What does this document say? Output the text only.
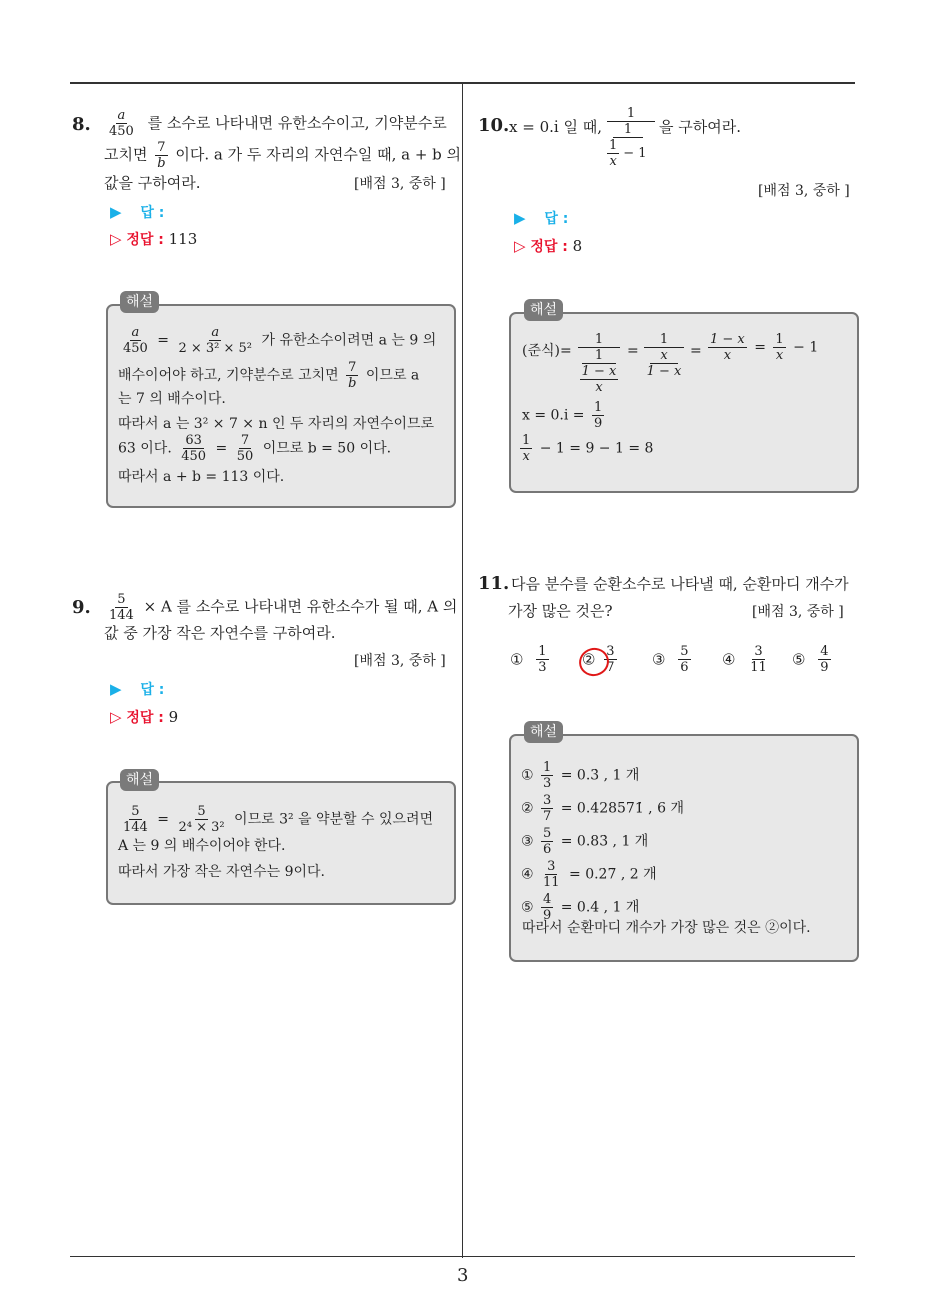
3
8. $\frac{a}{450}$ 를 소수로 나타내면 유한소수이고, 기약분수로
고치면 $\frac{7}{b}$ 이다. a 가 두 자리의 자연수일 때, a + b 의
값을 구하여라.	[배점 3, 중하 ]
▶ 답 :
▷ 정답 : 113
해설
$\frac{a}{450} = \frac{a}{\text{2 × 3² × 5²}}$ 가 유한소수이려면 a 는 9 의
배수이어야 하고, 기약분수로 고치면 $\frac{7}{b}$ 이므로 a
는 7 의 배수이다.
따라서 a 는 3² × 7 × n 인 두 자리의 자연수이므로
63 이다. $\frac{63}{450} = \frac{7}{50}$ 이므로 b = 50 이다.
따라서 a + b = 113 이다.
9. $\frac{5}{144} \times A$ 를 소수로 나타내면 유한소수가 될 때, A 의
값 중 가장 작은 자연수를 구하여라.
[배점 3, 중하 ]
▶ 답 :
▷ 정답 : 9
해설
$\frac{5}{144} = \frac{5}{\text{2⁴ × 3²}}$ 이므로 3² 을 약분할 수 있으려면
A 는 9 의 배수이어야 한다.
따라서 가장 작은 자연수는 9이다.
10. x = 0.i̇ 일 때,
1
1
$\frac{1}{x} - 1$
을 구하여라.
[배점 3, 중하 ]
▶ 답 :
▷ 정답 : 8
해설
(준식)=
1
1
$\frac{1 - x}{x}$
=
1
x
1 − x
= $\frac{1 - x}{x} = \frac{1}{x} - 1$
x = 0.i̇ = $\frac{1}{9}$
$\frac{1}{x} - 1 = 9 - 1 = 8$
11. 다음 분수를 순환소수로 나타낼 때, 순환마디 개수가
가장 많은 것은?	[배점 3, 중하 ]
① $\frac{1}{3}$ ② $\frac{3}{7}$ ③ $\frac{5}{6}$ ④ $\frac{3}{11}$ ⑤ $\frac{4}{9}$
해설
① $\frac{1}{3}$ = 0.3̇ , 1 개
② $\frac{3}{7}$ = 0.4̇28571̇ , 6 개
③ $\frac{5}{6}$ = 0.83̇ , 1 개
④ $\frac{3}{11}$ = 0.2̇7̇ , 2 개
⑤ $\frac{4}{9}$ = 0.4̇ , 1 개
따라서 순환마디 개수가 가장 많은 것은 ②이다.
